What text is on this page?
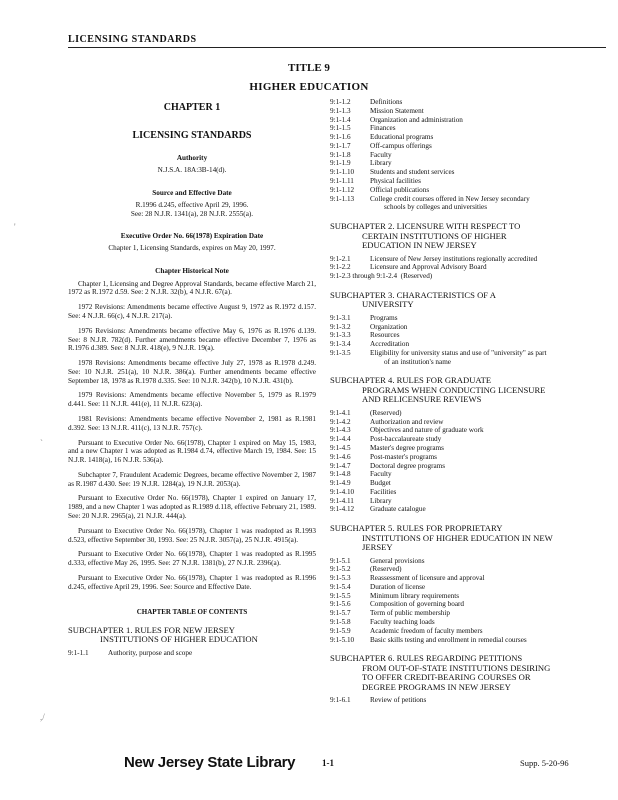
LICENSING STANDARDS
TITLE 9
HIGHER EDUCATION
CHAPTER 1
LICENSING STANDARDS
Authority
N.J.S.A. 18A:3B-14(d).
Source and Effective Date
R.1996 d.245, effective April 29, 1996.
See: 28 N.J.R. 1341(a), 28 N.J.R. 2555(a).
Executive Order No. 66(1978) Expiration Date
Chapter 1, Licensing Standards, expires on May 20, 1997.
Chapter Historical Note

Chapter 1, Licensing and Degree Approval Standards, became effective March 21, 1972 as R.1972 d.59. See: 2 N.J.R. 32(b), 4 N.J.R. 67(a).

1972 Revisions: Amendments became effective August 9, 1972 as R.1972 d.157. See: 4 N.J.R. 66(c), 4 N.J.R. 217(a).

1976 Revisions: Amendments became effective May 6, 1976 as R.1976 d.139. See: 8 N.J.R. 782(d). Further amendments became effective December 7, 1976 as R.1976 d.389. See: 8 N.J.R. 418(e), 9 N.J.R. 19(a).

1978 Revisions: Amendments became effective July 27, 1978 as R.1978 d.249. See: 10 N.J.R. 251(a), 10 N.J.R. 386(a). Further amendments became effective September 18, 1978 as R.1978 d.335. See: 10 N.J.R. 342(b), 10 N.J.R. 431(b).

1979 Revisions: Amendments became effective November 5, 1979 as R.1979 d.441. See: 11 N.J.R. 441(e), 11 N.J.R. 623(a).

1981 Revisions: Amendments became effective November 2, 1981 as R.1981 d.392. See: 13 N.J.R. 411(c), 13 N.J.R. 757(c).

Pursuant to Executive Order No. 66(1978), Chapter 1 expired on May 15, 1983, and a new Chapter 1 was adopted as R.1984 d.74, effective March 19, 1984. See: 15 N.J.R. 1418(a), 16 N.J.R. 536(a).

Subchapter 7, Fraudulent Academic Degrees, became effective November 2, 1987 as R.1987 d.430. See: 19 N.J.R. 1284(a), 19 N.J.R. 2053(a).

Pursuant to Executive Order No. 66(1978), Chapter 1 expired on January 17, 1989, and a new Chapter 1 was adopted as R.1989 d.118, effective February 21, 1989. See: 20 N.J.R. 2965(a), 21 N.J.R. 444(a).

Pursuant to Executive Order No. 66(1978), Chapter 1 was readopted as R.1993 d.523, effective September 30, 1993. See: 25 N.J.R. 3057(a), 25 N.J.R. 4915(a).

Pursuant to Executive Order No. 66(1978), Chapter 1 was readopted as R.1995 d.333, effective May 26, 1995. See: 27 N.J.R. 1381(b), 27 N.J.R. 2396(a).

Pursuant to Executive Order No. 66(1978), Chapter 1 was readopted as R.1996 d.245, effective April 29, 1996. See: Source and Effective Date.

CHAPTER TABLE OF CONTENTS
SUBCHAPTER 1. RULES FOR NEW JERSEY
INSTITUTIONS OF HIGHER EDUCATION
9:1-1.1	Authority, purpose and scope
9:1-1.2	Definitions
9:1-1.3	Mission Statement
9:1-1.4	Organization and administration
9:1-1.5	Finances
9:1-1.6	Educational programs
9:1-1.7	Off-campus offerings
9:1-1.8	Faculty
9:1-1.9	Library
9:1-1.10	Students and student services
9:1-1.11	Physical facilities
9:1-1.12	Official publications
9:1-1.13	College credit courses offered in New Jersey secondary
schools by colleges and universities
SUBCHAPTER 2. LICENSURE WITH RESPECT TO
CERTAIN INSTITUTIONS OF HIGHER
EDUCATION IN NEW JERSEY
9:1-2.1	Licensure of New Jersey institutions regionally accredited
9:1-2.2	Licensure and Approval Advisory Board
9:1-2.3 through 9:1-2.4 (Reserved)
SUBCHAPTER 3. CHARACTERISTICS OF A
UNIVERSITY
9:1-3.1	Programs
9:1-3.2	Organization
9:1-3.3	Resources
9:1-3.4	Accreditation
9:1-3.5	Eligibility for university status and use of "university" as part
of an institution's name
SUBCHAPTER 4. RULES FOR GRADUATE
PROGRAMS WHEN CONDUCTING LICENSURE
AND RELICENSURE REVIEWS
9:1-4.1	(Reserved)
9:1-4.2	Authorization and review
9:1-4.3	Objectives and nature of graduate work
9:1-4.4	Post-baccalaureate study
9:1-4.5	Master's degree programs
9:1-4.6	Post-master's programs
9:1-4.7	Doctoral degree programs
9:1-4.8	Faculty
9:1-4.9	Budget
9:1-4.10	Facilities
9:1-4.11	Library
9:1-4.12	Graduate catalogue
SUBCHAPTER 5. RULES FOR PROPRIETARY
INSTITUTIONS OF HIGHER EDUCATION IN NEW
JERSEY
9:1-5.1	General provisions
9:1-5.2	(Reserved)
9:1-5.3	Reassessment of licensure and approval
9:1-5.4	Duration of license
9:1-5.5	Minimum library requirements
9:1-5.6	Composition of governing board
9:1-5.7	Term of public membership
9:1-5.8	Faculty teaching loads
9:1-5.9	Academic freedom of faculty members
9:1-5.10	Basic skills testing and enrollment in remedial courses
SUBCHAPTER 6. RULES REGARDING PETITIONS
FROM OUT-OF-STATE INSTITUTIONS DESIRING
TO OFFER CREDIT-BEARING COURSES OR
DEGREE PROGRAMS IN NEW JERSEY
9:1-6.1	Review of petitions
'
`
,/
New Jersey State Library	1-1	Supp. 5-20-96
